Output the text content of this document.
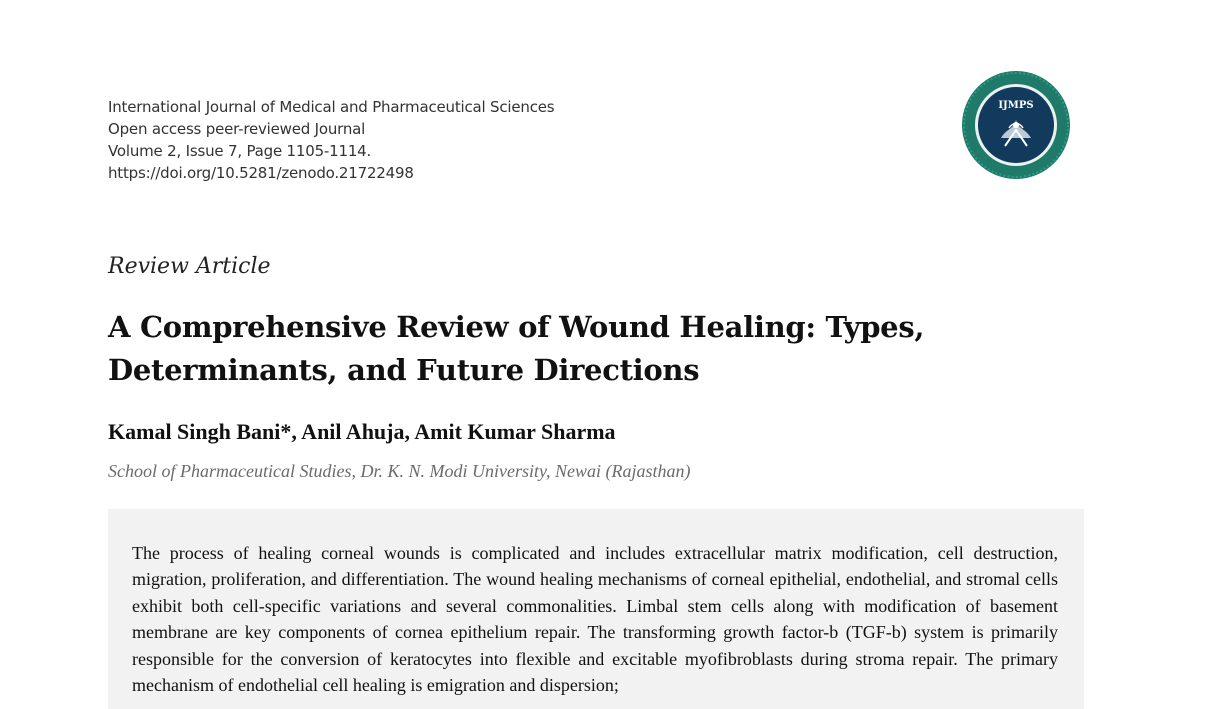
International Journal of Medical and Pharmaceutical Sciences
Open access peer-reviewed Journal
Volume 2, Issue 7, Page 1105-1114.
https://doi.org/10.5281/zenodo.21722498
IJMPS
Review Article
A Comprehensive Review of Wound Healing: Types, Determinants, and Future Directions
Kamal Singh Bani*, Anil Ahuja, Amit Kumar Sharma
School of Pharmaceutical Studies, Dr. K. N. Modi University, Newai (Rajasthan)

The process of healing corneal wounds is complicated and includes extracellular matrix modification, cell destruction, migration, proliferation, and differentiation. The wound healing mechanisms of corneal epithelial, endothelial, and stromal cells exhibit both cell-specific variations and several commonalities. Limbal stem cells along with modification of basement membrane are key components of cornea epithelium repair. The transforming growth factor-b (TGF-b) system is primarily responsible for the conversion of keratocytes into flexible and excitable myofibroblasts during stroma repair. The primary mechanism of endothelial cell healing is emigration and dispersion;
